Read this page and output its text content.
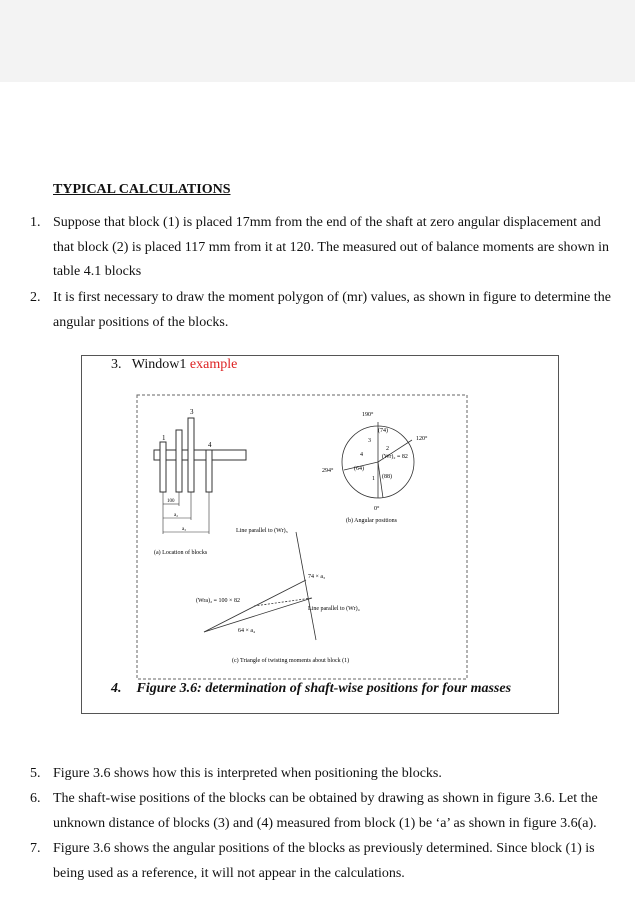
TYPICAL CALCULATIONS
1. Suppose that block (1) is placed 17mm from the end of the shaft at zero angular displacement and that block (2) is placed 117 mm from it at 120. The measured out of balance moments are shown in table 4.1 blocks
2. It is first necessary to draw the moment polygon of (mr) values, as shown in figure to determine the angular positions of the blocks.
3. Window1 example
1
3
4
100
a₂
a₃
(a) Location of blocks
190°
120°
294°
0°
(74)
(64)
(88)
(Wr)₂ ≡ 82
3
2
4
1
(b) Angular positions
Line parallel to (Wr)₃
74 × a₃
(Wra)₂ ≡ 100 × 82
Line parallel to (Wr)₄
64 × a₄
(c) Triangle of twisting moments about block (1)
4. Figure 3.6: determination of shaft-wise positions for four masses
5. Figure 3.6 shows how this is interpreted when positioning the blocks.
6. The shaft-wise positions of the blocks can be obtained by drawing as shown in figure 3.6. Let the unknown distance of blocks (3) and (4) measured from block (1) be ‘a’ as shown in figure 3.6(a).
7. Figure 3.6 shows the angular positions of the blocks as previously determined. Since block (1) is being used as a reference, it will not appear in the calculations.
